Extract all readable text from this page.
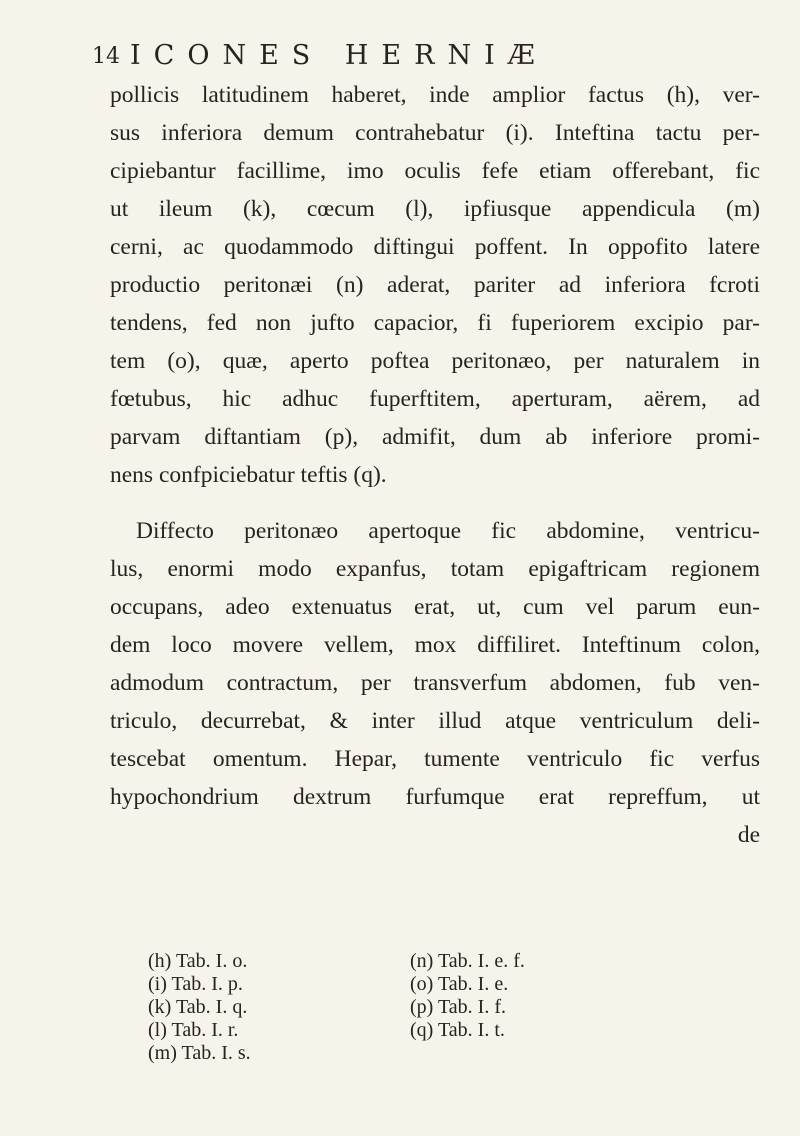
14 ICONES HERNIÆ
pollicis latitudinem haberet, inde amplior factus (h), ver-
sus inferiora demum contrahebatur (i). Inteftina tactu per-
cipiebantur facillime, imo oculis fefe etiam offerebant, fic
ut ileum (k), cœcum (l), ipfiusque appendicula (m)
cerni, ac quodammodo diftingui poffent. In oppofito latere
productio peritonæi (n) aderat, pariter ad inferiora fcroti
tendens, fed non jufto capacior, fi fuperiorem excipio par-
tem (o), quæ, aperto poftea peritonæo, per naturalem in
fœtubus, hic adhuc fuperftitem, aperturam, aërem, ad
parvam diftantiam (p), admifit, dum ab inferiore promi-
nens confpiciebatur teftis (q).
Diffecto peritonæo apertoque fic abdomine, ventricu-
lus, enormi modo expanfus, totam epigaftricam regionem
occupans, adeo extenuatus erat, ut, cum vel parum eun-
dem loco movere vellem, mox diffiliret. Inteftinum colon,
admodum contractum, per transverfum abdomen, fub ven-
triculo, decurrebat, & inter illud atque ventriculum deli-
tescebat omentum. Hepar, tumente ventriculo fic verfus
hypochondrium dextrum furfumque erat repreffum, ut
de
(h) Tab. I. o.
(i) Tab. I. p.
(k) Tab. I. q.
(l) Tab. I. r.
(m) Tab. I. s.
(n) Tab. I. e. f.
(o) Tab. I. e.
(p) Tab. I. f.
(q) Tab. I. t.
